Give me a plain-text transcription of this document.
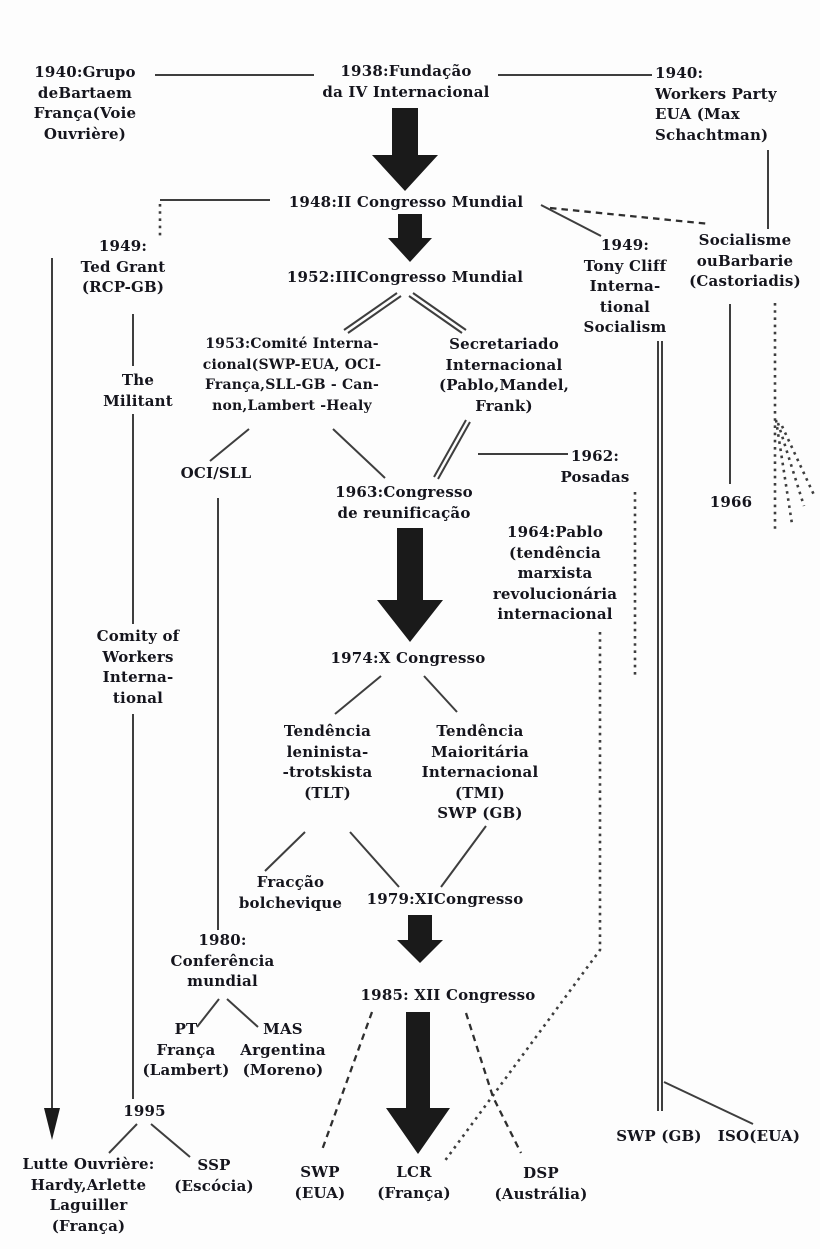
1940:Grupo
deBartaem
França(Voie
Ouvrière)
1938:Fundação
da IV Internacional
1940:
Workers Party
EUA (Max
Schachtman)
1948:II Congresso Mundial
1949:
Ted Grant
(RCP-GB)
1949:
Tony Cliff
Interna-
tional
Socialism
Socialisme
ouBarbarie
(Castoriadis)
1952:IIICongresso Mundial
1953:Comité Interna-
cional(SWP-EUA, OCI-
França,SLL-GB - Can-
non,Lambert -Healy
Secretariado
Internacional
(Pablo,Mandel,
Frank)
The
Militant
OCI/SLL
1963:Congresso
de reunificação
1962:
Posadas
1964:Pablo
(tendência
marxista
revolucionária
internacional
1966
Comity of
Workers
Interna-
tional
1974:X Congresso
Tendência
leninista-
-trotskista
(TLT)
Tendência
Maioritária
Internacional
(TMI)
SWP (GB)
Fracção
bolchevique	1979:XICongresso
1980:
Conferência
mundial
1985: XII Congresso
PT
França
(Lambert)
MAS
Argentina
(Moreno)
1995
Lutte Ouvrière:
Hardy,Arlette
Laguiller
(França)
SSP
(Escócia)
SWP
(EUA)
LCR
(França)
DSP
(Austrália)
SWP (GB)	ISO(EUA)
